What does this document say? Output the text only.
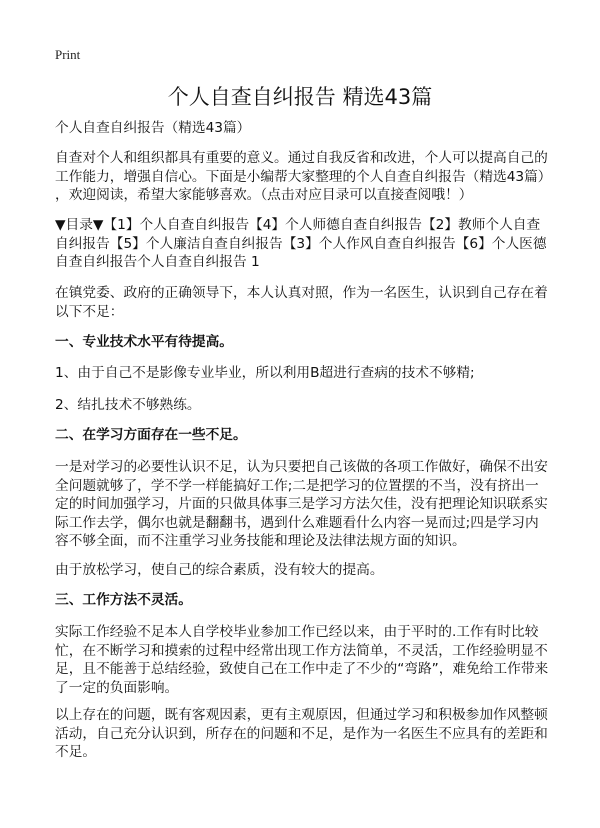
Print
个人自查自纠报告 精选43篇
个人自查自纠报告（精选43篇）
自查对个人和组织都具有重要的意义。通过自我反省和改进，个人可以提高自己的
工作能力，增强自信心。下面是小编帮大家整理的个人自查自纠报告（精选43篇）
，欢迎阅读，希望大家能够喜欢。（点击对应目录可以直接查阅哦！）
▼目录▼【1】个人自查自纠报告【4】个人师德自查自纠报告【2】教师个人自查
自纠报告【5】个人廉洁自查自纠报告【3】个人作风自查自纠报告【6】个人医德
自查自纠报告个人自查自纠报告 1
在镇党委、政府的正确领导下，本人认真对照，作为一名医生，认识到自己存在着
以下不足：
一、专业技术水平有待提高。
1、由于自己不是影像专业毕业，所以利用B超进行查病的技术不够精;
2、结扎技术不够熟练。
二、在学习方面存在一些不足。
一是对学习的必要性认识不足，认为只要把自己该做的各项工作做好，确保不出安
全问题就够了，学不学一样能搞好工作;二是把学习的位置摆的不当，没有挤出一
定的时间加强学习，片面的只做具体事三是学习方法欠佳，没有把理论知识联系实
际工作去学，偶尔也就是翻翻书，遇到什么难题看什么内容一晃而过;四是学习内
容不够全面，而不注重学习业务技能和理论及法律法规方面的知识。
由于放松学习，使自己的综合素质，没有较大的提高。
三、工作方法不灵活。
实际工作经验不足本人自学校毕业参加工作已经以来，由于平时的.工作有时比较
忙，在不断学习和摸索的过程中经常出现工作方法简单，不灵活，工作经验明显不
足，且不能善于总结经验，致使自己在工作中走了不少的“弯路”，难免给工作带来
了一定的负面影响。
以上存在的问题，既有客观因素，更有主观原因，但通过学习和积极参加作风整顿
活动，自己充分认识到，所存在的问题和不足，是作为一名医生不应具有的差距和
不足。
